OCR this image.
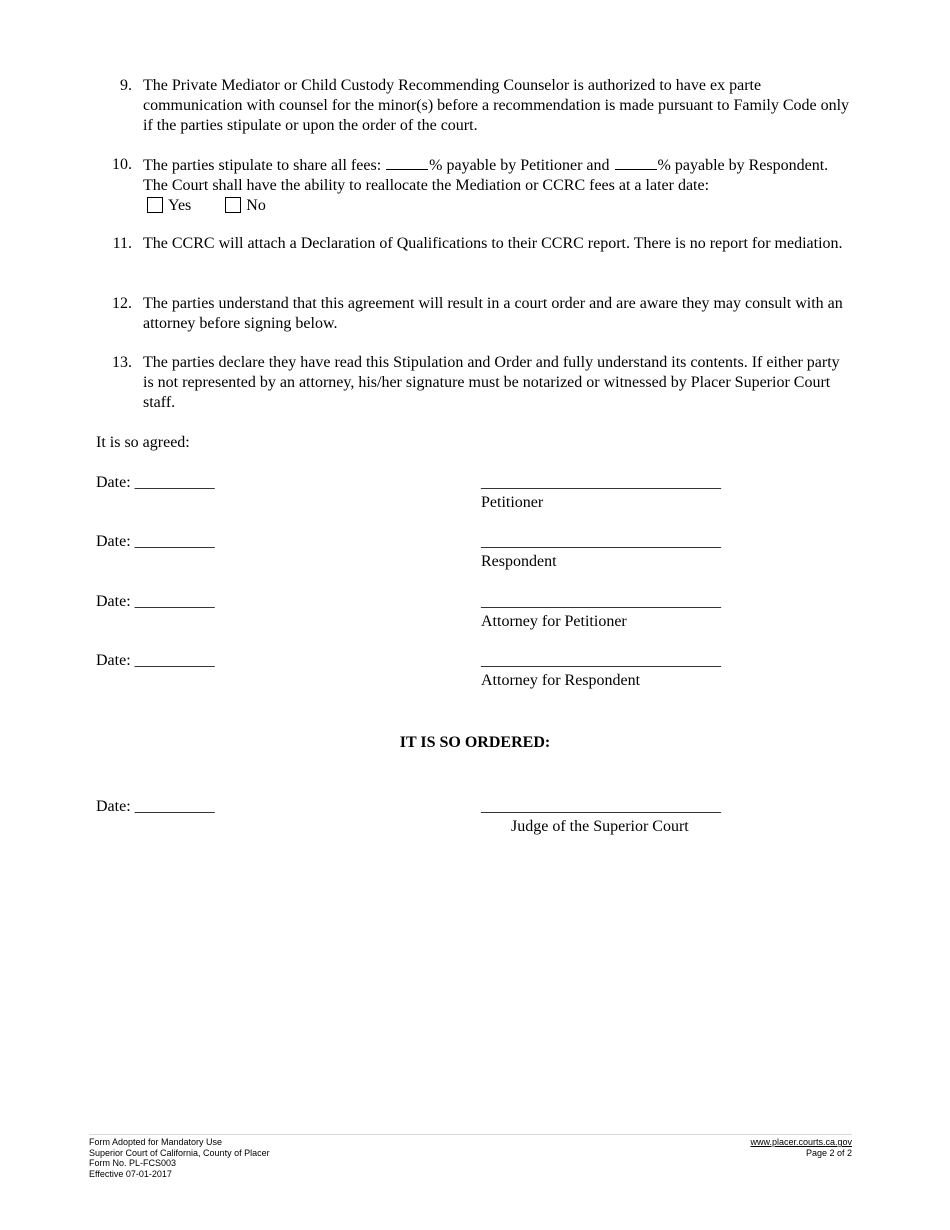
9. The Private Mediator or Child Custody Recommending Counselor is authorized to have ex parte communication with counsel for the minor(s) before a recommendation is made pursuant to Family Code only if the parties stipulate or upon the order of the court.
10. The parties stipulate to share all fees:	% payable by Petitioner and	% payable by Respondent. The Court shall have the ability to reallocate the Mediation or CCRC fees at a later date:
Yes	No
11. The CCRC will attach a Declaration of Qualifications to their CCRC report. There is no report for mediation.
12. The parties understand that this agreement will result in a court order and are aware they may consult with an attorney before signing below.
13. The parties declare they have read this Stipulation and Order and fully understand its contents. If either party is not represented by an attorney, his/her signature must be notarized or witnessed by Placer Superior Court staff.
It is so agreed:
Date: __________	______________________________
Petitioner
Date: __________	______________________________
Respondent
Date: __________	______________________________
Attorney for Petitioner
Date: __________	______________________________
Attorney for Respondent
IT IS SO ORDERED:
Date: __________	______________________________
Judge of the Superior Court
Form Adopted for Mandatory Use
Superior Court of California, County of Placer
Form No. PL-FCS003
Effective 07-01-2017
www.placer.courts.ca.gov
Page 2 of 2
